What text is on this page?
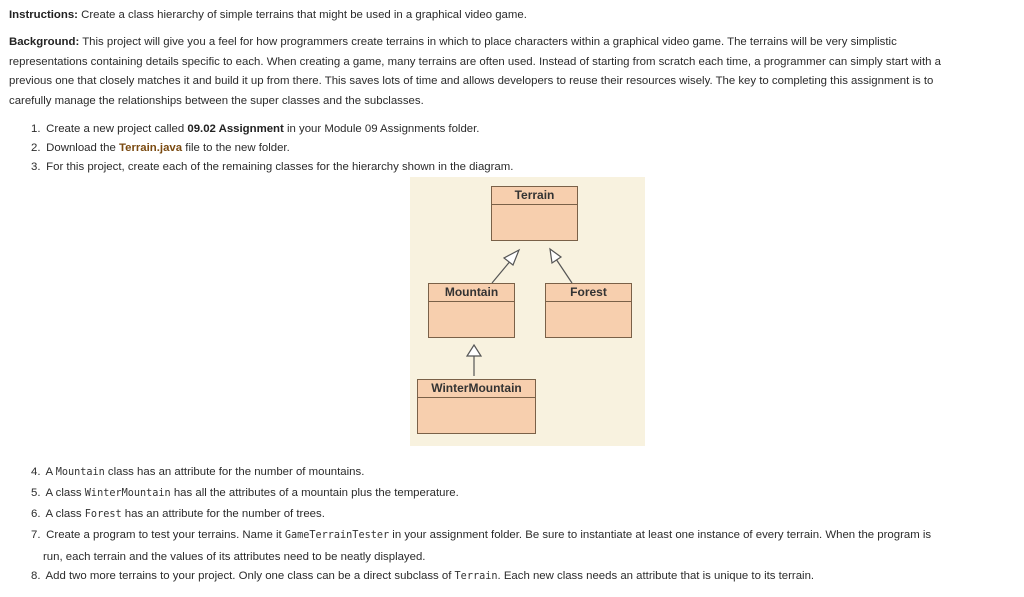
Instructions: Create a class hierarchy of simple terrains that might be used in a graphical video game.
Background: This project will give you a feel for how programmers create terrains in which to place characters within a graphical video game. The terrains will be very simplistic
representations containing details specific to each. When creating a game, many terrains are often used. Instead of starting from scratch each time, a programmer can simply start with a
previous one that closely matches it and build it up from there. This saves lots of time and allows developers to reuse their resources wisely. The key to completing this assignment is to
carefully manage the relationships between the super classes and the subclasses.
1. Create a new project called 09.02 Assignment in your Module 09 Assignments folder.
2. Download the Terrain.java file to the new folder.
3. For this project, create each of the remaining classes for the hierarchy shown in the diagram.
Terrain
Mountain	Forest
WinterMountain
4. A Mountain class has an attribute for the number of mountains.
5. A class WinterMountain has all the attributes of a mountain plus the temperature.
6. A class Forest has an attribute for the number of trees.
7. Create a program to test your terrains. Name it GameTerrainTester in your assignment folder. Be sure to instantiate at least one instance of every terrain. When the program is
run, each terrain and the values of its attributes need to be neatly displayed.
8. Add two more terrains to your project. Only one class can be a direct subclass of Terrain. Each new class needs an attribute that is unique to its terrain.
